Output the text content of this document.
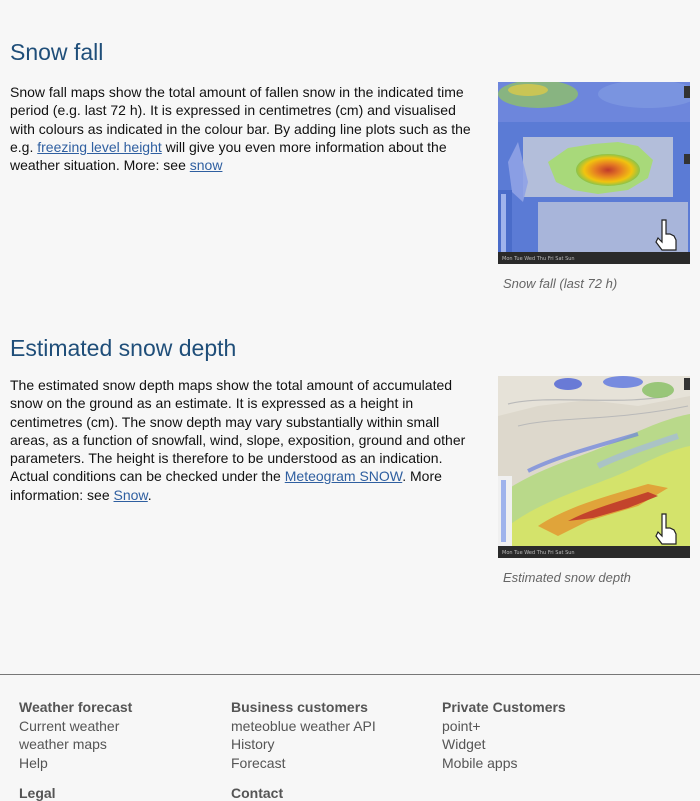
Snow fall
Snow fall maps show the total amount of fallen snow in the indicated time period (e.g. last 72 h). It is expressed in centimetres (cm) and visualised with colours as indicated in the colour bar. By adding line plots such as the e.g. freezing level height will give you even more information about the weather situation. More: see snow
Mon Tue Wed Thu Fri Sat Sun
Snow fall (last 72 h)
Estimated snow depth
The estimated snow depth maps show the total amount of accumulated snow on the ground as an estimate. It is expressed as a height in centimetres (cm). The snow depth may vary substantially within small areas, as a function of snowfall, wind, slope, exposition, ground and other parameters. The height is therefore to be understood as an indication. Actual conditions can be checked under the Meteogram SNOW. More information: see Snow.
Mon Tue Wed Thu Fri Sat Sun
Estimated snow depth
Weather forecast
Current weather
weather maps
Help
Business customers
meteoblue weather API
History
Forecast
Private Customers
point+
Widget
Mobile apps
Legal	Contact
